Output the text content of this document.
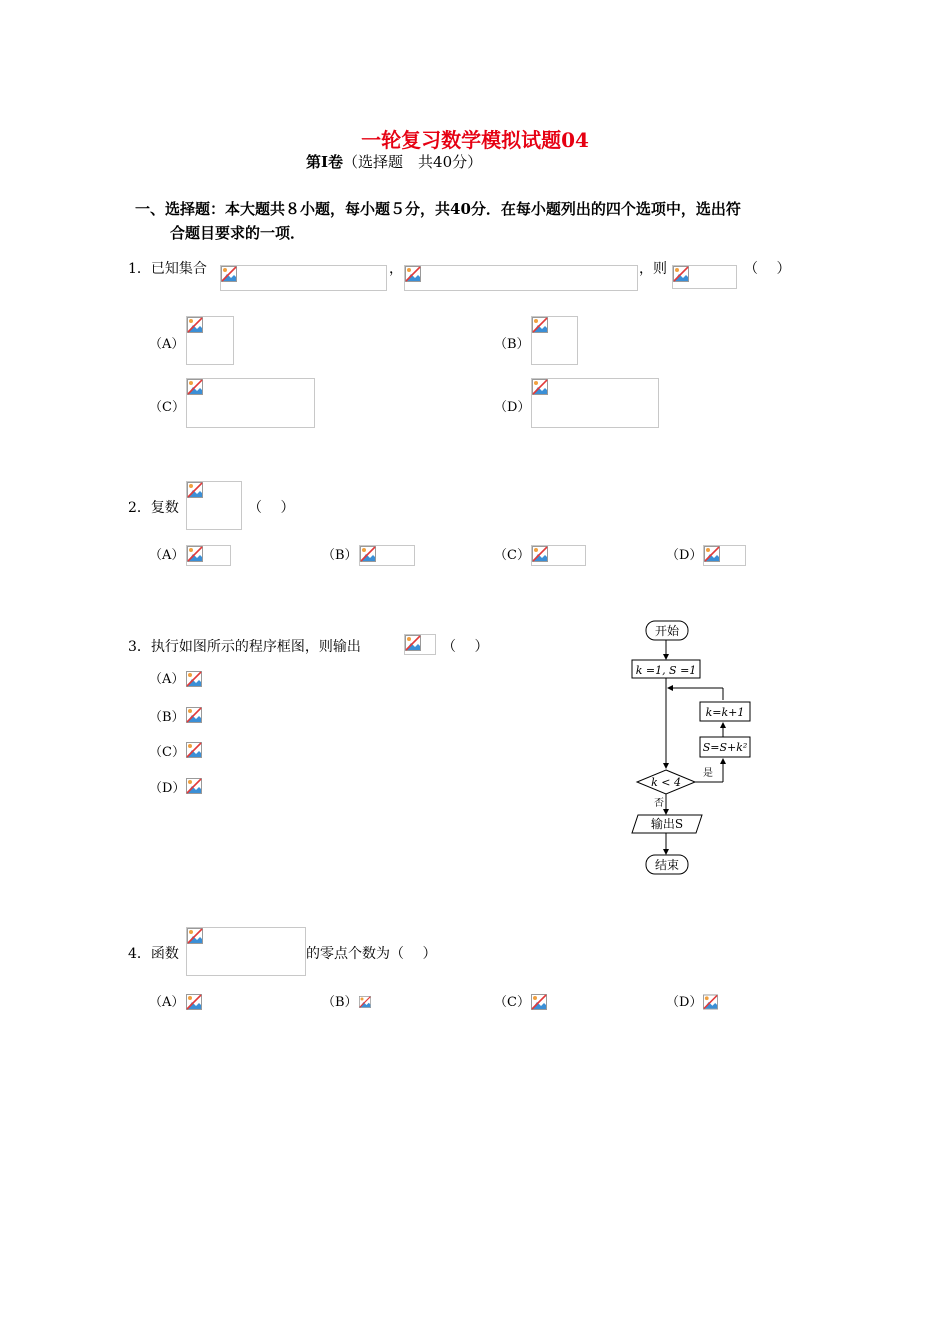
一轮复习数学模拟试题04
第Ⅰ卷（选择题　共40分）
一、选择题：本大题共８小题，每小题５分，共40分．在每小题列出的四个选项中，选出符
合题目要求的一项．
1．已知集合	，	，则	（　 ）
（A）	（B）
（C）	（D）
2．复数	（　 ）
（A）	（B）	（C）	（D）
3．执行如图所示的程序框图，则输出	（　 ）
（A）
（B）
（C）
（D）
开始
k =1, S =1
k=k+1
S=S+k²
k < 4
是
否
输出S
结束
4．函数	的零点个数为（　 ）
（A）	（B）	（C）	（D）
